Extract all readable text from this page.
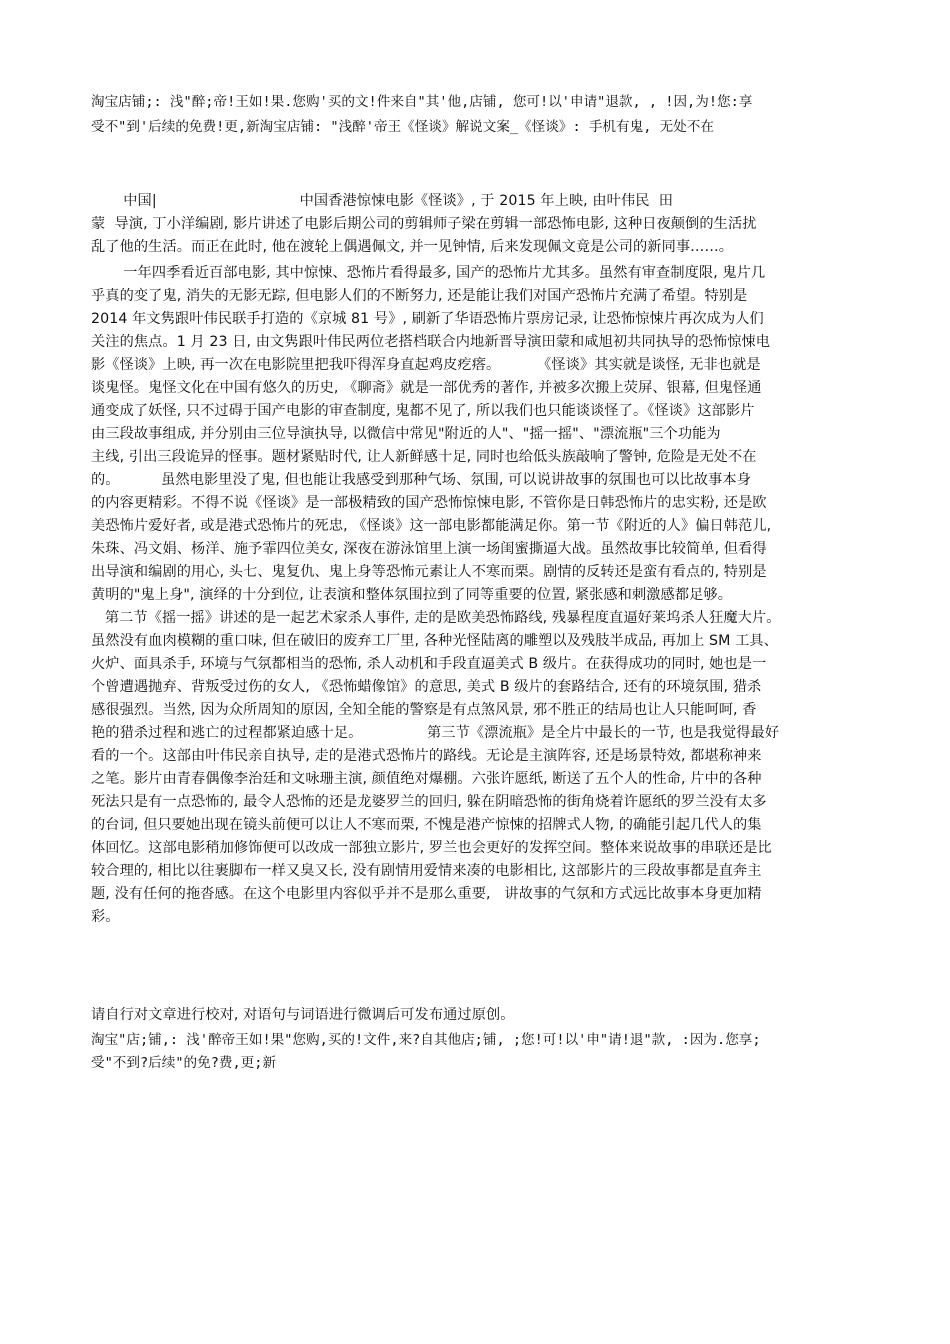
淘宝店铺;: 浅"醉;帝!王如!果.您购'买的文!件来自"其'他,店铺, 您可!以'申请"退款, , !因,为!您:享
受不"到'后续的免费!更,新淘宝店铺: "浅醉'帝王《怪谈》解说文案_《怪谈》: 手机有鬼, 无处不在
中国|                               中国香港惊悚电影《怪谈》, 于 2015 年上映, 由叶伟民  田
蒙  导演, 丁小洋编剧, 影片讲述了电影后期公司的剪辑师子梁在剪辑一部恐怖电影, 这种日夜颠倒的生活扰
乱了他的生活。而正在此时, 他在渡轮上偶遇佩文, 并一见钟情, 后来发现佩文竟是公司的新同事……。
一年四季看近百部电影, 其中惊悚、恐怖片看得最多, 国产的恐怖片尤其多。虽然有审查制度限, 鬼片几
乎真的变了鬼, 消失的无影无踪, 但电影人们的不断努力, 还是能让我们对国产恐怖片充满了希望。特别是
2014 年文隽跟叶伟民联手打造的《京城 81 号》, 刷新了华语恐怖片票房记录, 让恐怖惊悚片再次成为人们
关注的焦点。1 月 23 日, 由文隽跟叶伟民两位老搭档联合内地新晋导演田蒙和咸旭初共同执导的恐怖惊悚电
影《怪谈》上映, 再一次在电影院里把我吓得浑身直起鸡皮疙瘩。        《怪谈》其实就是谈怪, 无非也就是
谈鬼怪。鬼怪文化在中国有悠久的历史, 《聊斋》就是一部优秀的著作, 并被多次搬上荧屏、银幕, 但鬼怪通
通变成了妖怪, 只不过碍于国产电影的审查制度, 鬼都不见了, 所以我们也只能谈谈怪了。《怪谈》这部影片
由三段故事组成, 并分别由三位导演执导, 以微信中常见"附近的人"、"摇一摇"、"漂流瓶"三个功能为
主线, 引出三段诡异的怪事。题材紧贴时代, 让人新鲜感十足, 同时也给低头族敲响了警钟, 危险是无处不在
的。         虽然电影里没了鬼, 但也能让我感受到那种气场、氛围, 可以说讲故事的氛围也可以比故事本身
的内容更精彩。不得不说《怪谈》是一部极精致的国产恐怖惊悚电影, 不管你是日韩恐怖片的忠实粉, 还是欧
美恐怖片爱好者, 或是港式恐怖片的死忠, 《怪谈》这一部电影都能满足你。第一节《附近的人》偏日韩范儿,
朱珠、冯文娟、杨洋、施予霏四位美女, 深夜在游泳馆里上演一场闺蜜撕逼大战。虽然故事比较简单, 但看得
出导演和编剧的用心, 头七、鬼复仇、鬼上身等恐怖元素让人不寒而栗。剧情的反转还是蛮有看点的, 特别是
黄明的"鬼上身", 演绎的十分到位, 让表演和整体氛围拉到了同等重要的位置, 紧张感和刺激感都足够。
第二节《摇一摇》讲述的是一起艺术家杀人事件, 走的是欧美恐怖路线, 残暴程度直逼好莱坞杀人狂魔大片。
虽然没有血肉模糊的重口味, 但在破旧的废弃工厂里, 各种光怪陆离的雕塑以及残肢半成品, 再加上 SM 工具、
火炉、面具杀手, 环境与气氛都相当的恐怖, 杀人动机和手段直逼美式 B 级片。在获得成功的同时, 她也是一
个曾遭遇抛弃、背叛受过伤的女人, 《恐怖蜡像馆》的意思, 美式 B 级片的套路结合, 还有的环境氛围, 猎杀
感很强烈。当然, 因为众所周知的原因, 全知全能的警察是有点煞风景, 邪不胜正的结局也让人只能呵呵, 香
艳的猎杀过程和逃亡的过程都紧迫感十足。              第三节《漂流瓶》是全片中最长的一节, 也是我觉得最好
看的一个。这部由叶伟民亲自执导, 走的是港式恐怖片的路线。无论是主演阵容, 还是场景特效, 都堪称神来
之笔。影片由青春偶像李治廷和文咏珊主演, 颜值绝对爆棚。六张许愿纸, 断送了五个人的性命, 片中的各种
死法只是有一点恐怖的, 最令人恐怖的还是龙婆罗兰的回归, 躲在阴暗恐怖的街角烧着许愿纸的罗兰没有太多
的台词, 但只要她出现在镜头前便可以让人不寒而栗, 不愧是港产惊悚的招牌式人物, 的确能引起几代人的集
体回忆。这部电影稍加修饰便可以改成一部独立影片, 罗兰也会更好的发挥空间。整体来说故事的串联还是比
较合理的, 相比以往裹脚布一样又臭又长, 没有剧情用爱情来凑的电影相比, 这部影片的三段故事都是直奔主
题, 没有任何的拖沓感。在这个电影里内容似乎并不是那么重要,   讲故事的气氛和方式远比故事本身更加精
彩。
请自行对文章进行校对, 对语句与词语进行微调后可发布通过原创。
淘宝"店;铺,: 浅'醉帝王如!果"您购,买的!文件,来?自其他店;铺, ;您!可!以'申"请!退"款, :因为.您享;
受"不到?后续"的免?费,更;新
